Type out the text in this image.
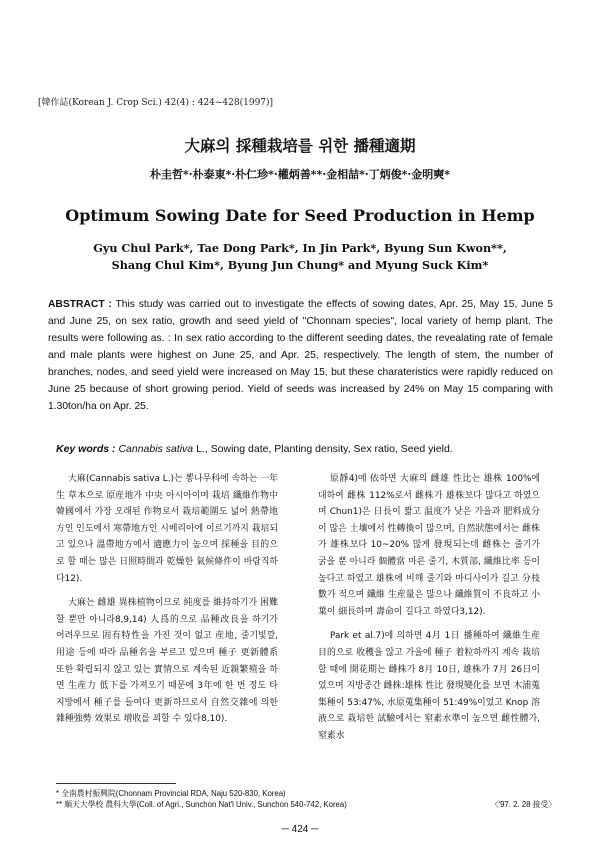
[韓作誌(Korean J. Crop Sci.) 42(4) : 424~428(1997)]
大麻의 採種栽培를 위한 播種適期
朴圭哲*·朴泰東*·朴仁珍*·權炳善**·金相喆*·丁炳俊*·金明奭*
Optimum Sowing Date for Seed Production in Hemp
Gyu Chul Park*, Tae Dong Park*, In Jin Park*, Byung Sun Kwon**,
Shang Chul Kim*, Byung Jun Chung* and Myung Suck Kim*
ABSTRACT : This study was carried out to investigate the effects of sowing dates, Apr. 25, May 15, June 5 and June 25, on sex ratio, growth and seed yield of "Chonnam species", local variety of hemp plant. The results were following as. : In sex ratio according to the different seeding dates, the revealating rate of female and male plants were highest on June 25, and Apr. 25, respectively. The length of stem, the number of branches, nodes, and seed yield were increased on May 15, but these charateristics were rapidly reduced on June 25 because of short growing period. Yield of seeds was increased by 24% on May 15 comparing with 1.30ton/ha on Apr. 25.
Key words : Cannabis sativa L., Sowing date, Planting density, Sex ratio, Seed yield.

大麻(Cannabis sativa L.)는 뽕나무科에 속하는 一年生 草本으로 原産地가 中央 아시아이며 栽培 纖維作物中 韓國에서 가장 오래된 作物로서 栽培範圍도 넓어 熱帶地方인 인도에서 寒帶地方인 시베리아에 이르기까지 栽培되고 있으나 溫帶地方에서 適應力이 높으며 採種을 目的으로 할 때는 많은 日照時間과 乾燥한 氣候條件이 바람직하다12).

大麻는 雌雄 異株植物이므로 純度를 維持하기가 困難할 뿐만 아니라8,9,14) 人爲的으로 品種改良을 하기가 어려우므로 固有特性을 가진 것이 없고 産地, 줄기빛깔, 用途 등에 따라 品種名을 부르고 있으며 種子 更新體系 또한 확립되지 않고 있는 實情으로 계속된 近親繁殖을 하면 生産力 低下를 가져오기 때문에 3年에 한 번 정도 타 지방에서 種子를 들여다 更新하므로서 自然交雜에 의한 雜種強勢 效果로 增收를 꾀할 수 있다8,10).

原靜4)에 依하면 大麻의 雌雄 性比는 雄株 100%에 대하여 雌株 112%로서 雌株가 雄株보다 많다고 하였으며 Chun1)은 日長이 짧고 温度가 낮은 가을과 肥料成分이 많은 土壤에서 性轉換이 많으며, 自然狀態에서는 雌株가 雄株보다 10~20% 많게 發現되는데 雌株는 줄기가 굵을 뿐 아니라 個體當 마른 줄기, 木質部, 纖維比率 등이 높다고 하였고 雄株에 비해 줄기와 마디사이가 길고 分枝數가 적으며 纖維 生産量은 많으나 纖維質이 不良하고 小葉이 細長하며 壽命이 길다고 하였다3,12).

Park et al.7)에 의하면 4月 1日 播種하여 纖維生産 目的으로 收穫을 않고 가을에 種子 着粒하까지 계속 栽培할 때에 開花期는 雌株가 8月 10日, 雄株가 7月 26日이었으며 지방종간 雌株:雄株 性比 發現變化를 보면 木浦蒐集種이 53:47%, 水原蒐集種이 51:49%이었고 Knop 溶液으로 栽培한 試驗에서는 窒素水準이 높으면 雌性體가, 窒素水

* 全南農村振興院(Chonnam Provincial RDA, Naju 520-830, Korea)
** 順天大學校 農科大學(Coll. of Agri., Sunchon Nat'l Univ., Sunchon 540-742, Korea)	〈'97. 2. 28 接受〉
─ 424 ─
